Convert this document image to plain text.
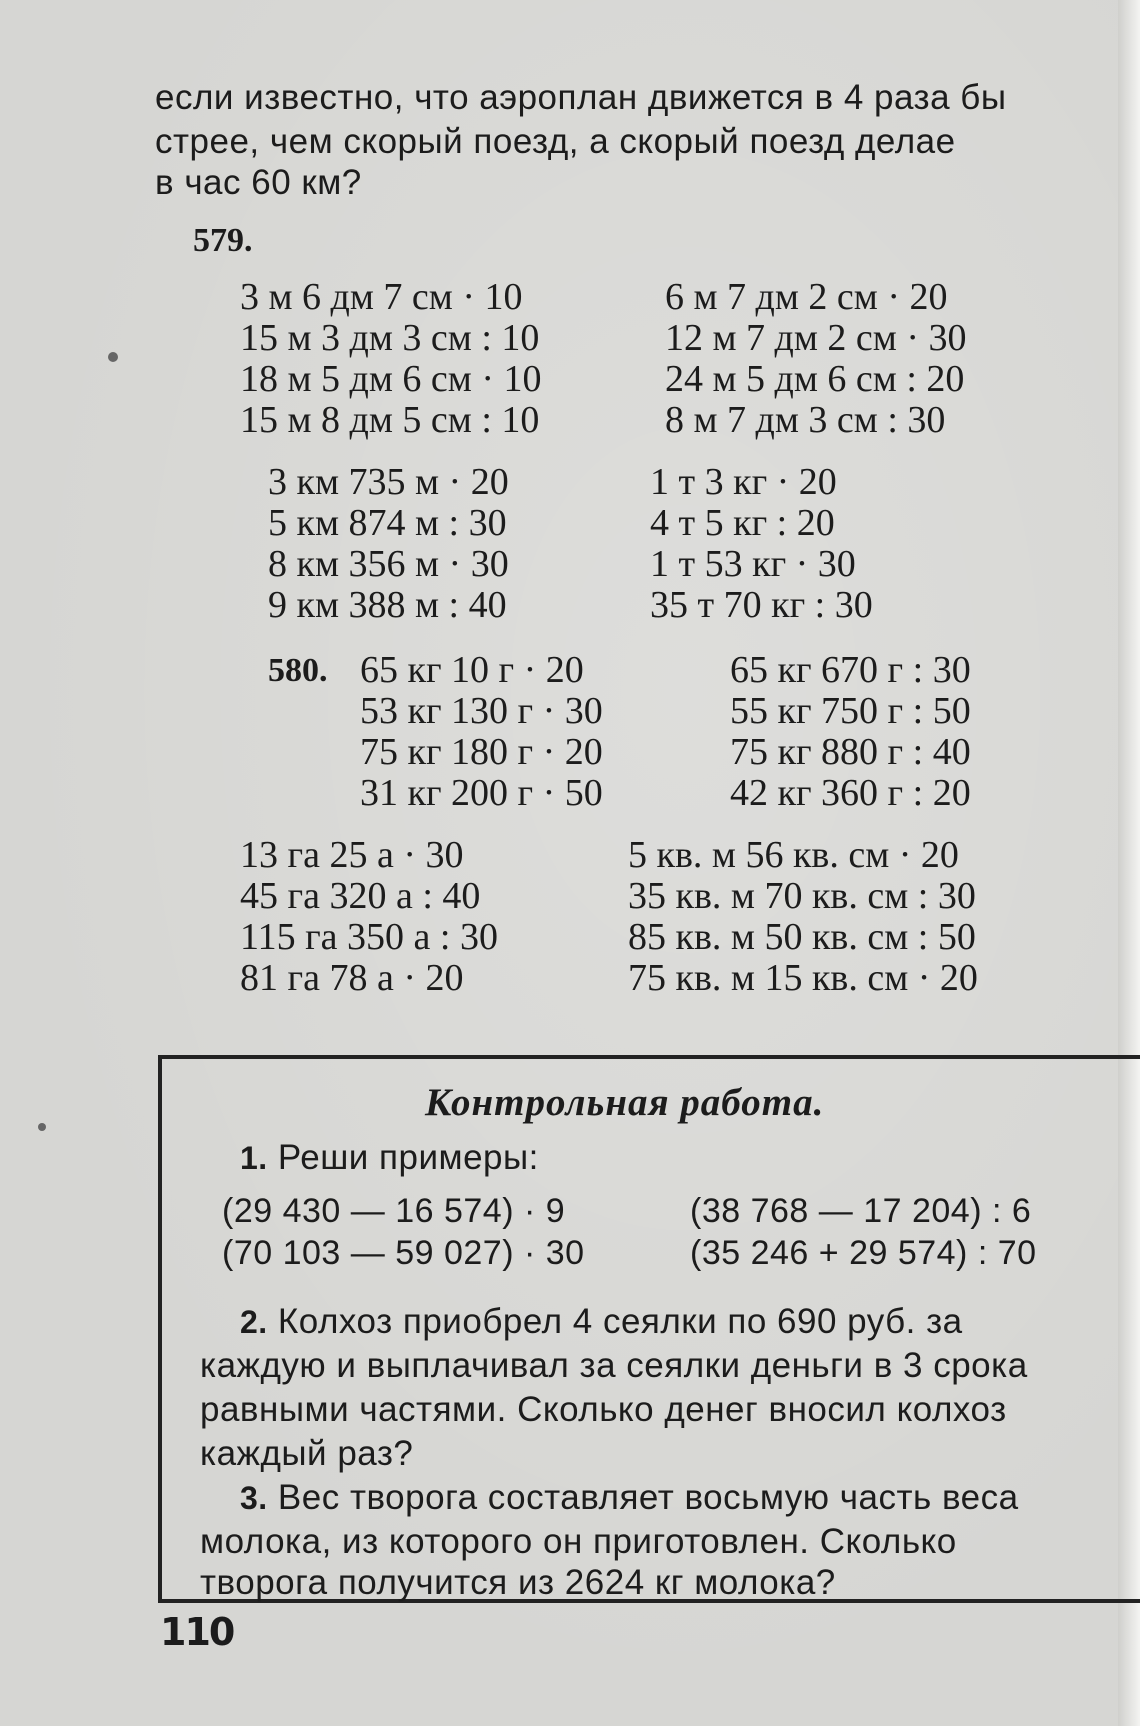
если известно, что аэроплан движется в 4 раза бы
стрее, чем скорый поезд, а скорый поезд делае
в час 60 км?
579.
3 м 6 дм 7 см · 10
15 м 3 дм 3 см : 10
18 м 5 дм 6 см · 10
15 м 8 дм 5 см : 10
6 м 7 дм 2 см · 20
12 м 7 дм 2 см · 30
24 м 5 дм 6 см : 20
8 м 7 дм 3 см : 30
3 км 735 м · 20
5 км 874 м : 30
8 км 356 м · 30
9 км 388 м : 40
1 т 3 кг · 20
4 т 5 кг : 20
1 т 53 кг · 30
35 т 70 кг : 30
580. 65 кг 10 г · 20
53 кг 130 г · 30
75 кг 180 г · 20
31 кг 200 г · 50
65 кг 670 г : 30
55 кг 750 г : 50
75 кг 880 г : 40
42 кг 360 г : 20
13 га 25 а · 30
45 га 320 а : 40
115 га 350 а : 30
81 га 78 а · 20
5 кв. м 56 кв. см · 20
35 кв. м 70 кв. см : 30
85 кв. м 50 кв. см : 50
75 кв. м 15 кв. см · 20
Контрольная работа.
1. Реши примеры:
(29 430 — 16 574) · 9
(70 103 — 59 027) · 30
(38 768 — 17 204) : 6
(35 246 + 29 574) : 70
2. Колхоз приобрел 4 сеялки по 690 руб. за
каждую и выплачивал за сеялки деньги в 3 срока
равными частями. Сколько денег вносил колхоз
каждый раз?
3. Вес творога составляет восьмую часть веса
молока, из которого он приготовлен. Сколько
творога получится из 2624 кг молока?
110
